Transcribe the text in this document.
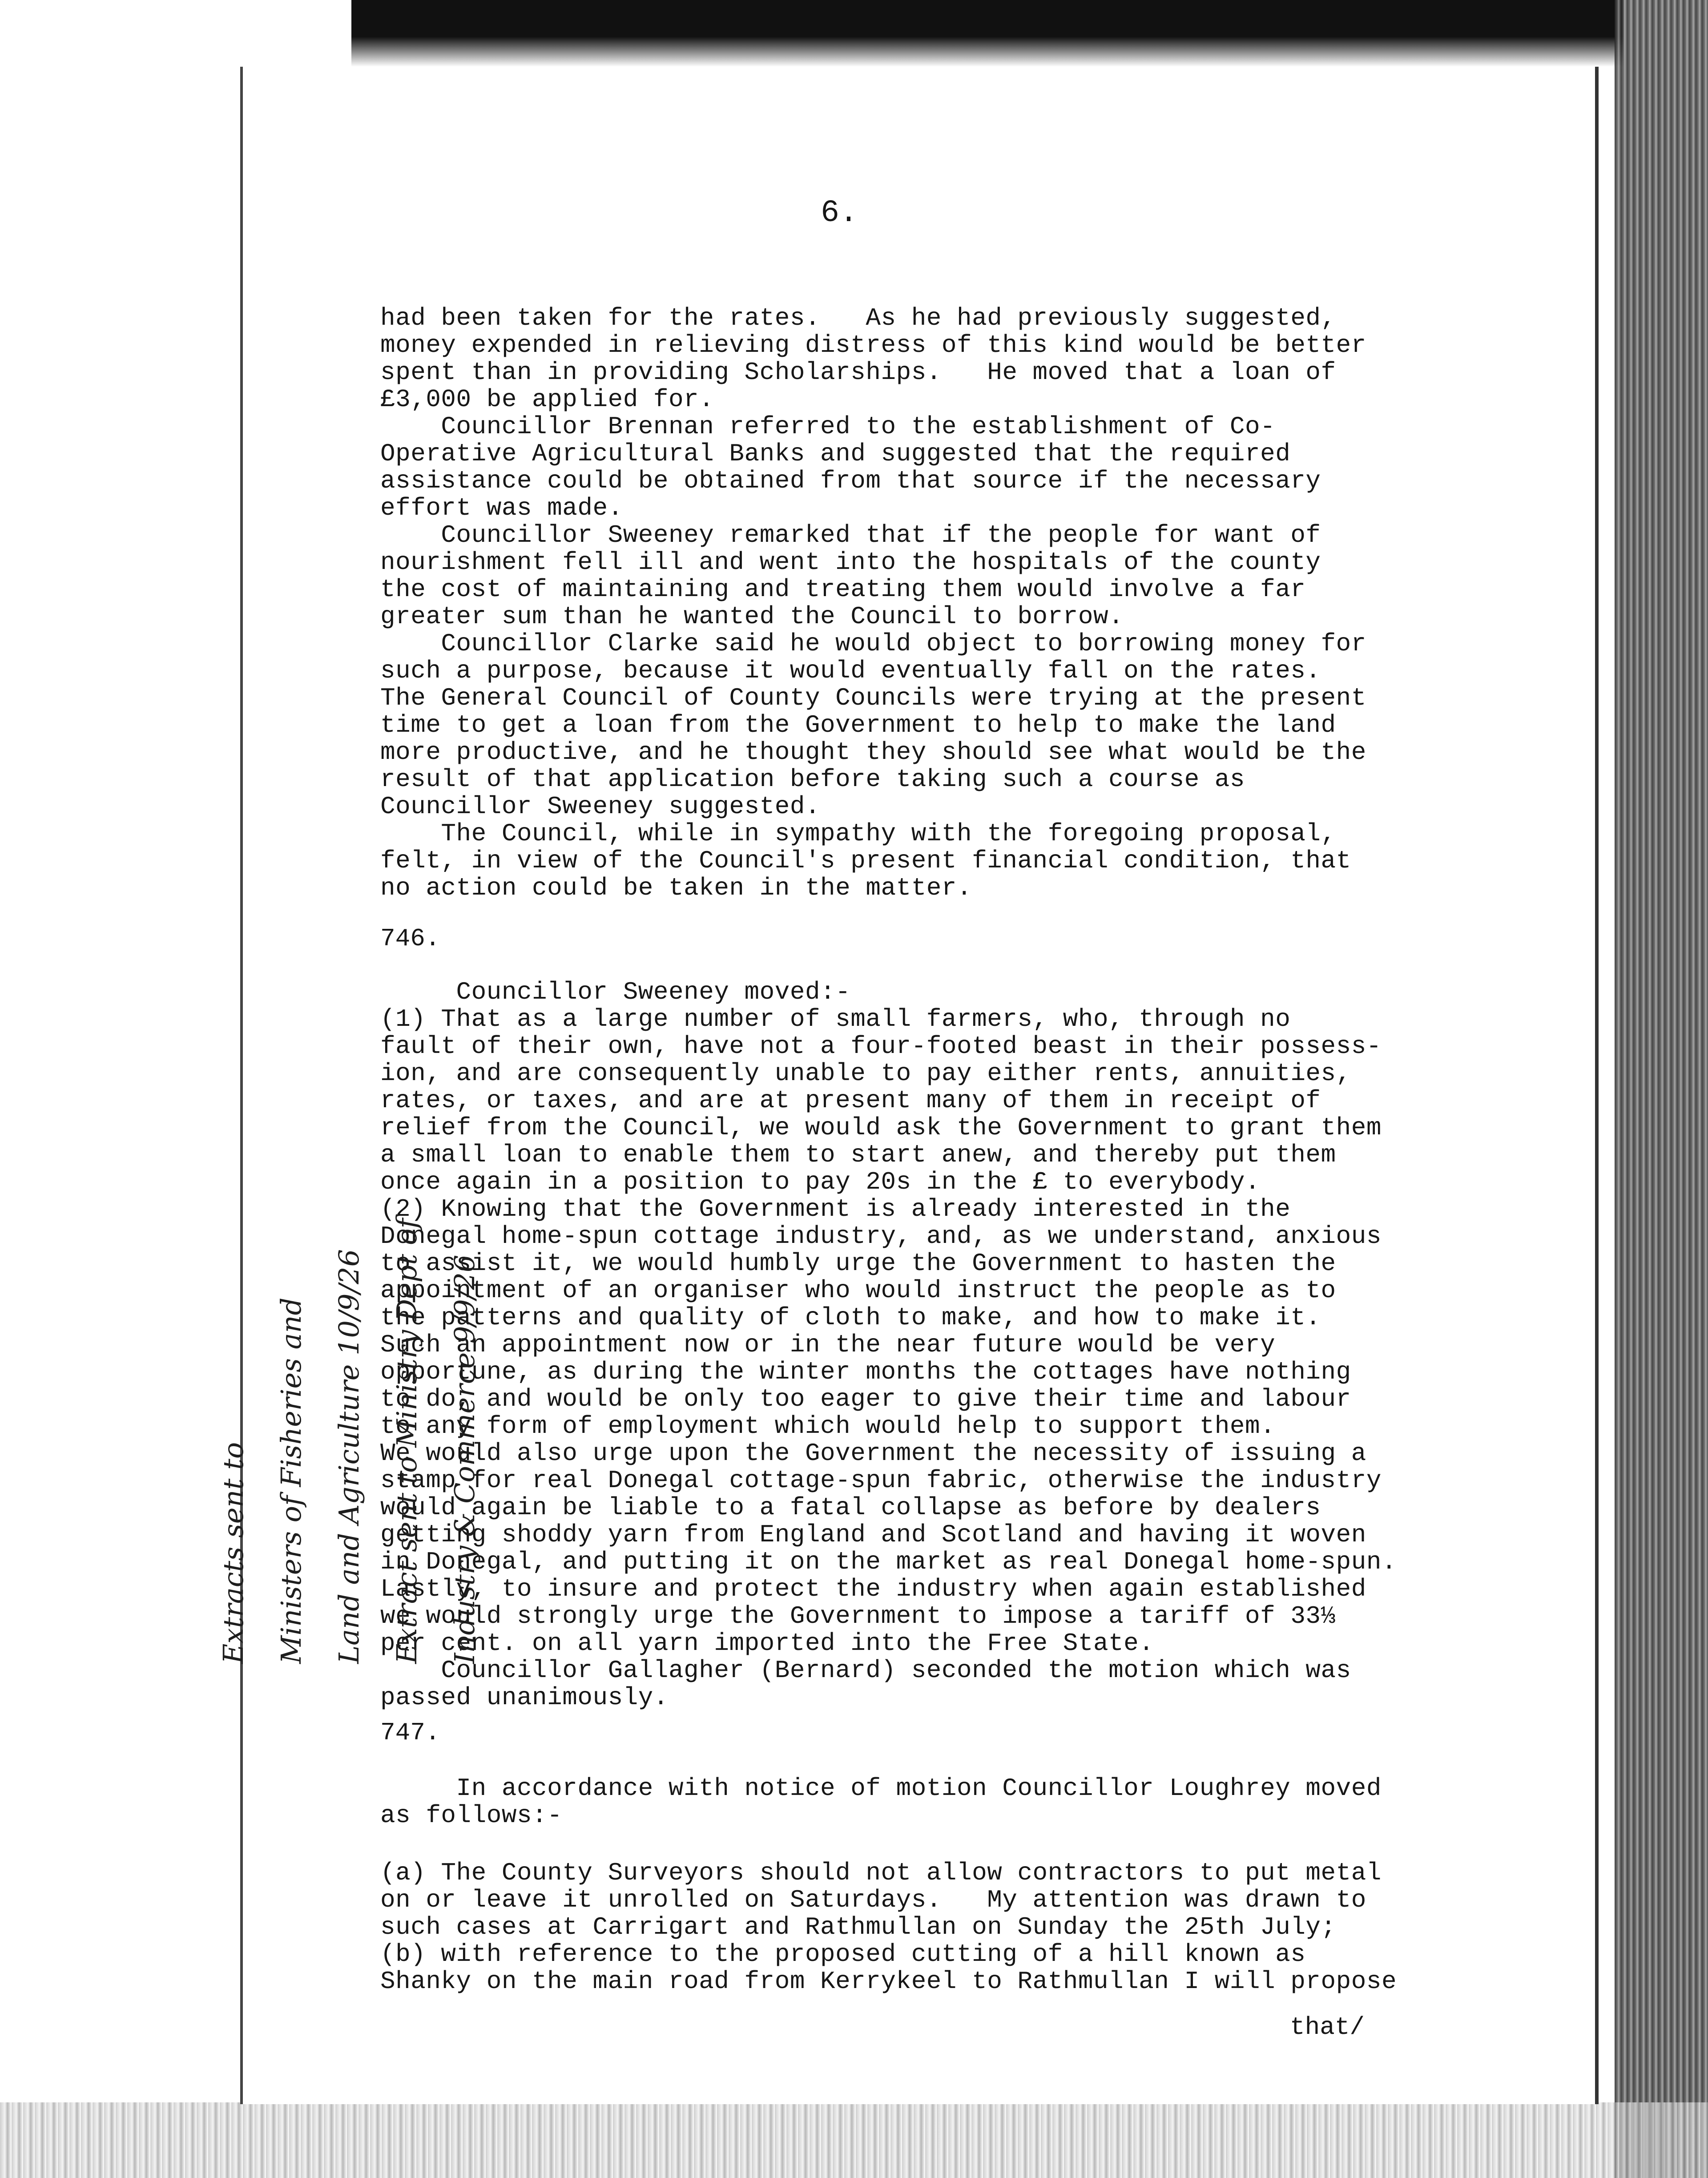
6.
had been taken for the rates.   As he had previously suggested,
money expended in relieving distress of this kind would be better
spent than in providing Scholarships.   He moved that a loan of
£3,000 be applied for.
Councillor Brennan referred to the establishment of Co-
Operative Agricultural Banks and suggested that the required
assistance could be obtained from that source if the necessary
effort was made.
Councillor Sweeney remarked that if the people for want of
nourishment fell ill and went into the hospitals of the county
the cost of maintaining and treating them would involve a far
greater sum than he wanted the Council to borrow.
Councillor Clarke said he would object to borrowing money for
such a purpose, because it would eventually fall on the rates.
The General Council of County Councils were trying at the present
time to get a loan from the Government to help to make the land
more productive, and he thought they should see what would be the
result of that application before taking such a course as
Councillor Sweeney suggested.
The Council, while in sympathy with the foregoing proposal,
felt, in view of the Council's present financial condition, that
no action could be taken in the matter.
746.
Councillor Sweeney moved:-
(1) That as a large number of small farmers, who, through no
fault of their own, have not a four-footed beast in their possess-
ion, and are consequently unable to pay either rents, annuities,
rates, or taxes, and are at present many of them in receipt of
relief from the Council, we would ask the Government to grant them
a small loan to enable them to start anew, and thereby put them
once again in a position to pay 20s in the £ to everybody.
(2) Knowing that the Government is already interested in the
Donegal home-spun cottage industry, and, as we understand, anxious
to assist it, we would humbly urge the Government to hasten the
appointment of an organiser who would instruct the people as to
the patterns and quality of cloth to make, and how to make it.
Such an appointment now or in the near future would be very
opportune, as during the winter months the cottages have nothing
to do, and would be only too eager to give their time and labour
to any form of employment which would help to support them.
We would also urge upon the Government the necessity of issuing a
stamp for real Donegal cottage-spun fabric, otherwise the industry
would again be liable to a fatal collapse as before by dealers
getting shoddy yarn from England and Scotland and having it woven
in Donegal, and putting it on the market as real Donegal home-spun.
Lastly, to insure and protect the industry when again established
we would strongly urge the Government to impose a tariff of 33⅓
per cent. on all yarn imported into the Free State.
Councillor Gallagher (Bernard) seconded the motion which was
passed unanimously.
747.
In accordance with notice of motion Councillor Loughrey moved
as follows:-
(a) The County Surveyors should not allow contractors to put metal
on or leave it unrolled on Saturdays.   My attention was drawn to
such cases at Carrigart and Rathmullan on Sunday the 25th July;
(b) with reference to the proposed cutting of a hill known as
Shanky on the main road from Kerrykeel to Rathmullan I will propose
that/
Extracts sent to
Ministers of Fisheries and
Land and Agriculture 10/9/26
Extract sent to Ministry Dept of
Industry & Commerce 9/9/26
